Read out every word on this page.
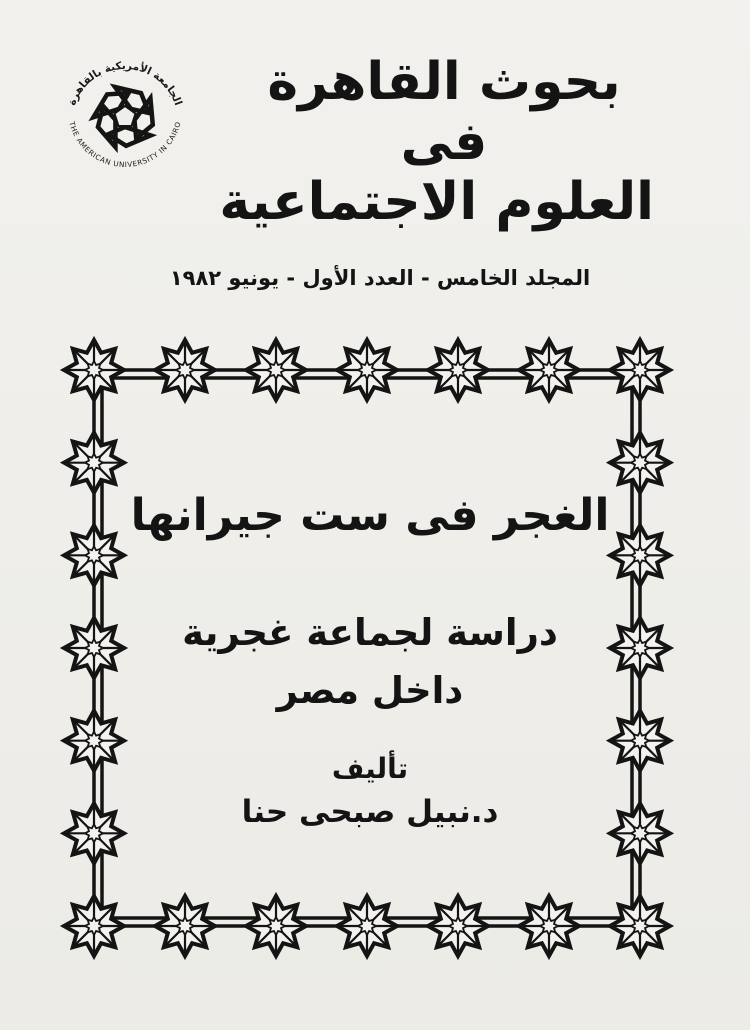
بحوث القاهرة
فى
العلوم الاجتماعية
الجامعة الأمريكية بالقاهرة
THE AMERICAN UNIVERSITY IN CAIRO
المجلد الخامس - العدد الأول - يونيو ١٩٨٢
الغجر فى ست جيرانها
دراسة لجماعة غجرية
داخل مصر
تأليف
د.نبيل صبحى حنا
